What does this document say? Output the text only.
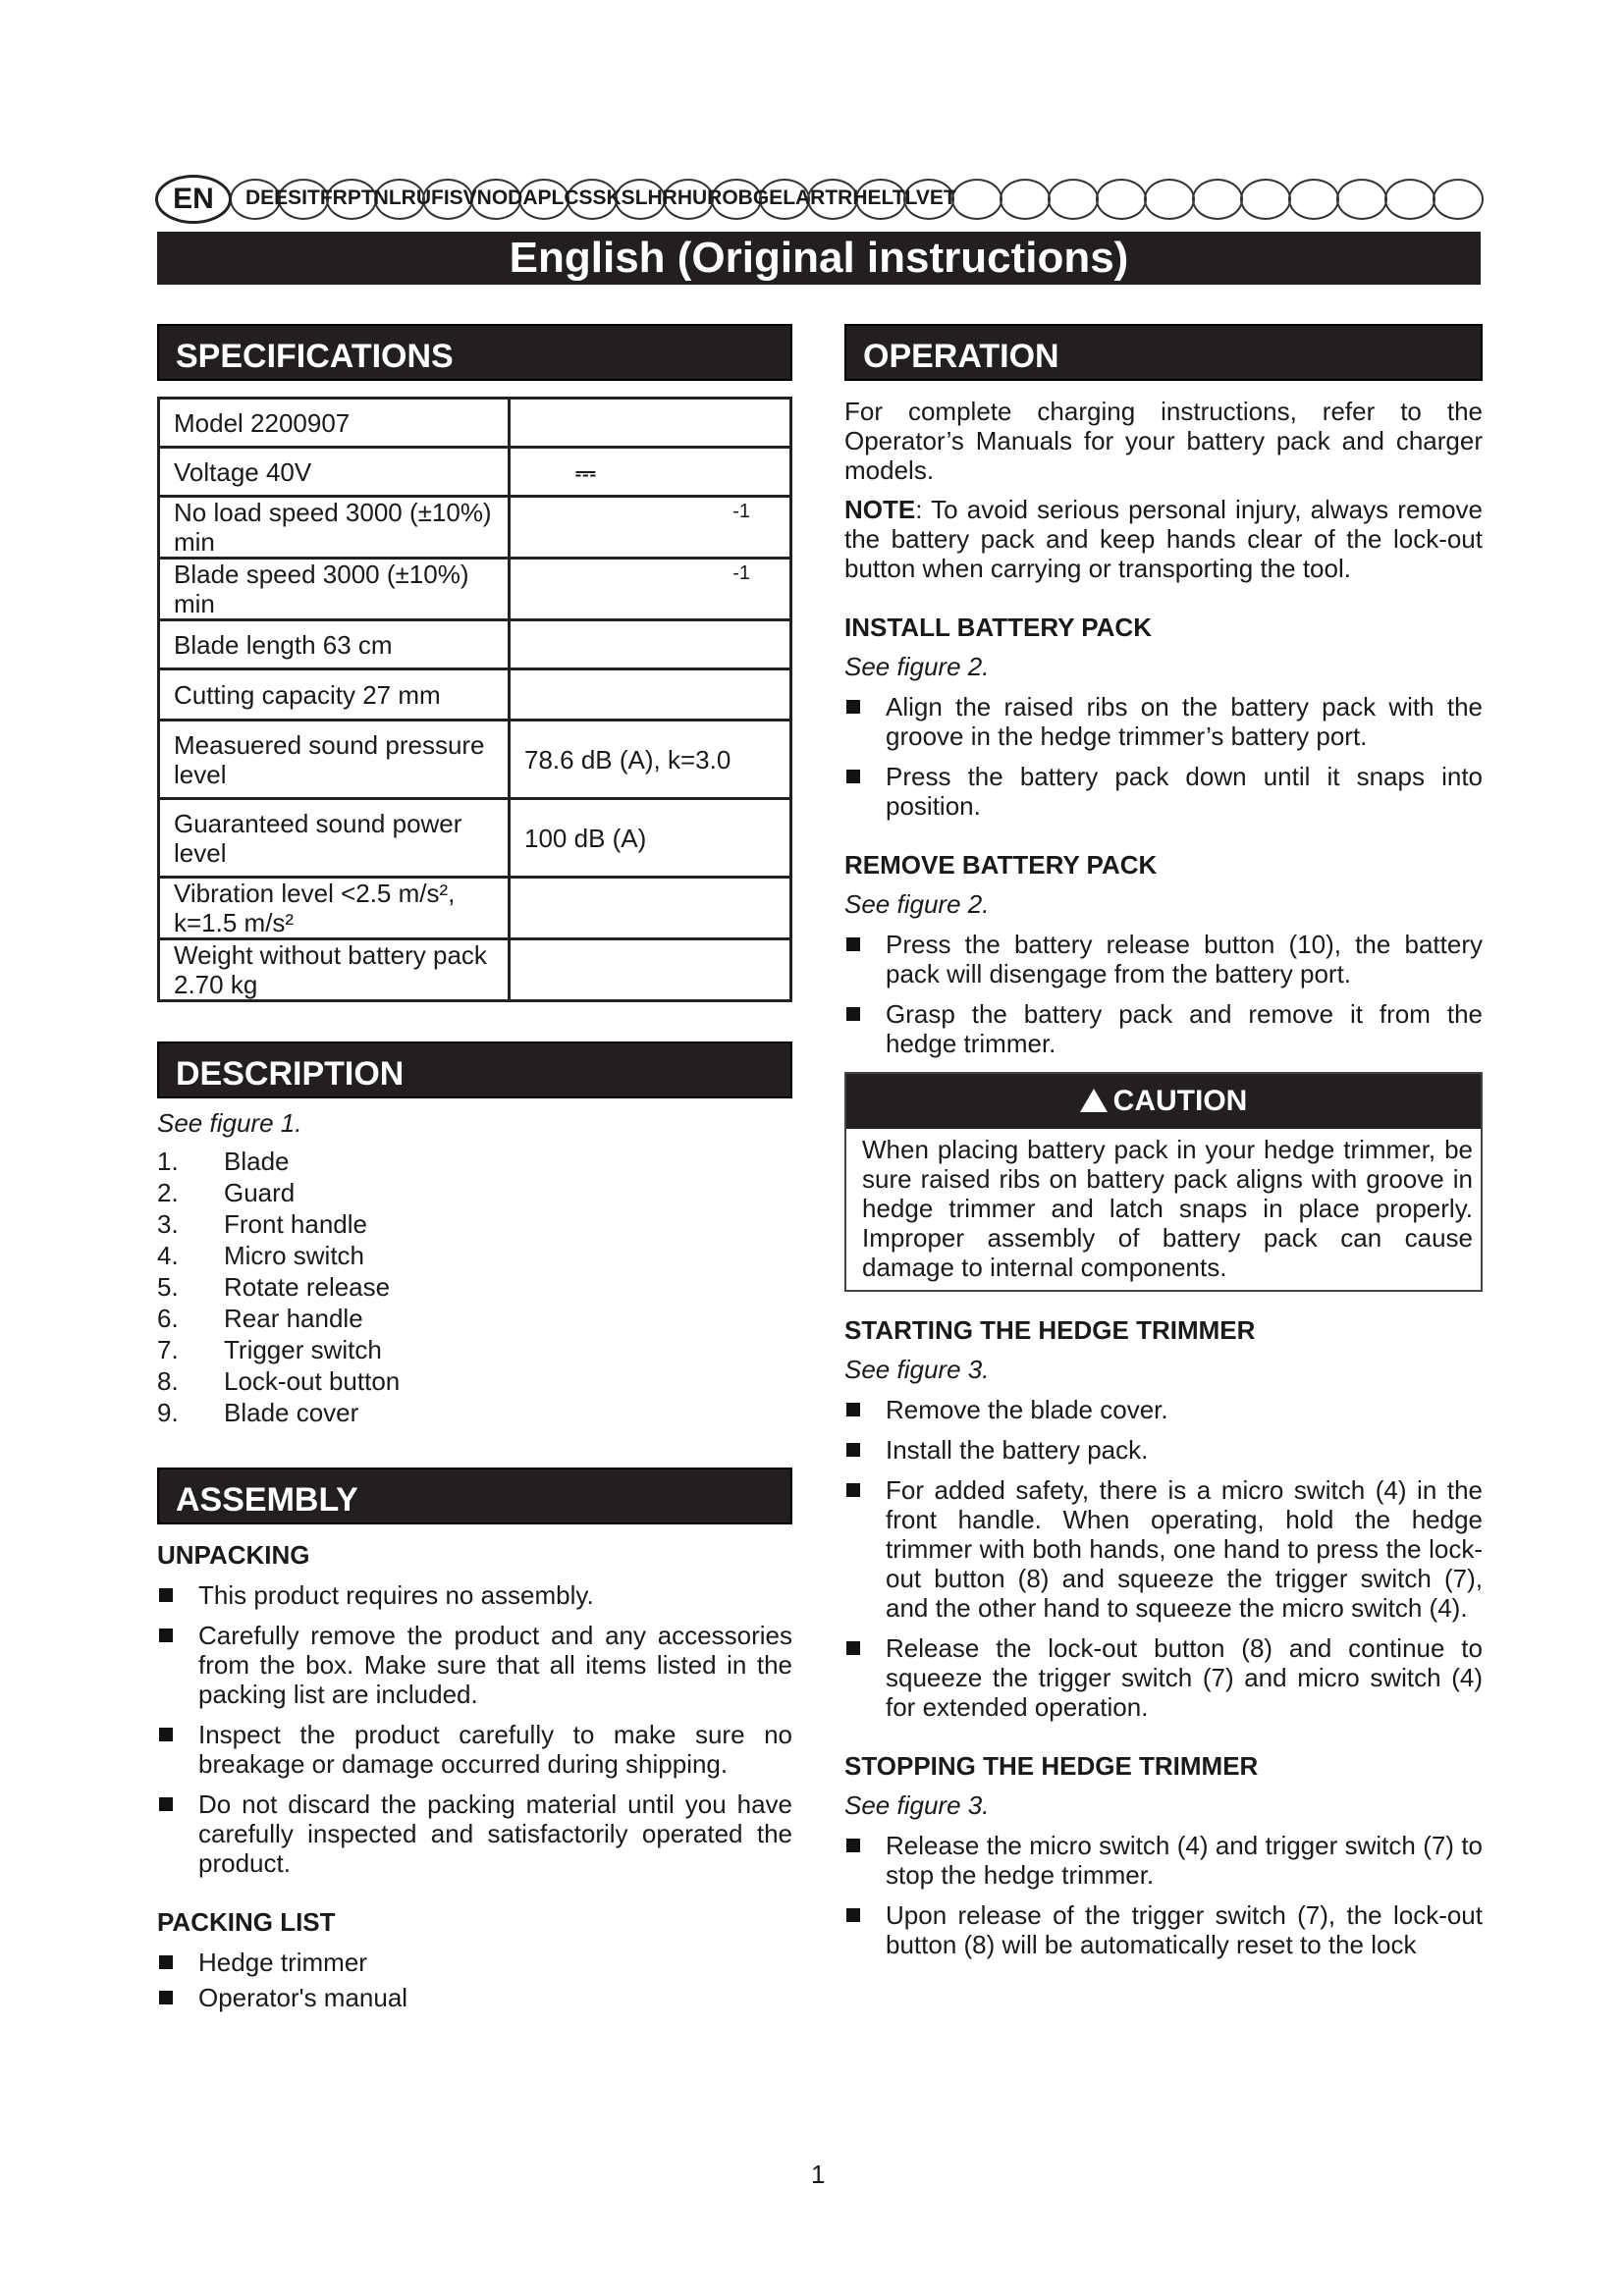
EN	DEESITFRPTNLRUFISVNODAPLCSSKSLHRHUROBGELARTRHELTLVET
English (Original instructions)
SPECIFICATIONS
Model 2200907	
Voltage 40V	⎓
No load speed 3000 (±10%) min	-1
Blade speed 3000 (±10%) min	-1
Blade length 63 cm	
Cutting capacity 27 mm	
Measuered sound pressure level	78.6 dB (A), k=3.0
Guaranteed sound power level	100 dB (A)
Vibration level <2.5 m/s², k=1.5 m/s²	
Weight without battery pack 2.70 kg	
DESCRIPTION
See figure 1.
1.	Blade
2.	Guard
3.	Front handle
4.	Micro switch
5.	Rotate release
6.	Rear handle
7.	Trigger switch
8.	Lock-out button
9.	Blade cover
ASSEMBLY
UNPACKING
This product requires no assembly.
Carefully remove the product and any accessories from the box. Make sure that all items listed in the packing list are included.
Inspect the product carefully to make sure no breakage or damage occurred during shipping.
Do not discard the packing material until you have carefully inspected and satisfactorily operated the product.
PACKING LIST
Hedge trimmer
Operator's manual
OPERATION
For complete charging instructions, refer to the Operator’s Manuals for your battery pack and charger models.
NOTE: To avoid serious personal injury, always remove the battery pack and keep hands clear of the lock-out button when carrying or transporting the tool.
INSTALL BATTERY PACK
See figure 2.
Align the raised ribs on the battery pack with the groove in the hedge trimmer’s battery port.
Press the battery pack down until it snaps into position.
REMOVE BATTERY PACK
See figure 2.
Press the battery release button (10), the battery pack will disengage from the battery port.
Grasp the battery pack and remove it from the hedge trimmer.
CAUTION
When placing battery pack in your hedge trimmer, be sure raised ribs on battery pack aligns with groove in hedge trimmer and latch snaps in place properly. Improper assembly of battery pack can cause damage to internal components.
STARTING THE HEDGE TRIMMER
See figure 3.
Remove the blade cover.
Install the battery pack.
For added safety, there is a micro switch (4) in the front handle. When operating, hold the hedge trimmer with both hands, one hand to press the lock-out button (8) and squeeze the trigger switch (7), and the other hand to squeeze the micro switch (4).
Release the lock-out button (8) and continue to squeeze the trigger switch (7) and micro switch (4) for extended operation.
STOPPING THE HEDGE TRIMMER
See figure 3.
Release the micro switch (4) and trigger switch (7) to stop the hedge trimmer.
Upon release of the trigger switch (7), the lock-out button (8) will be automatically reset to the lock
1
